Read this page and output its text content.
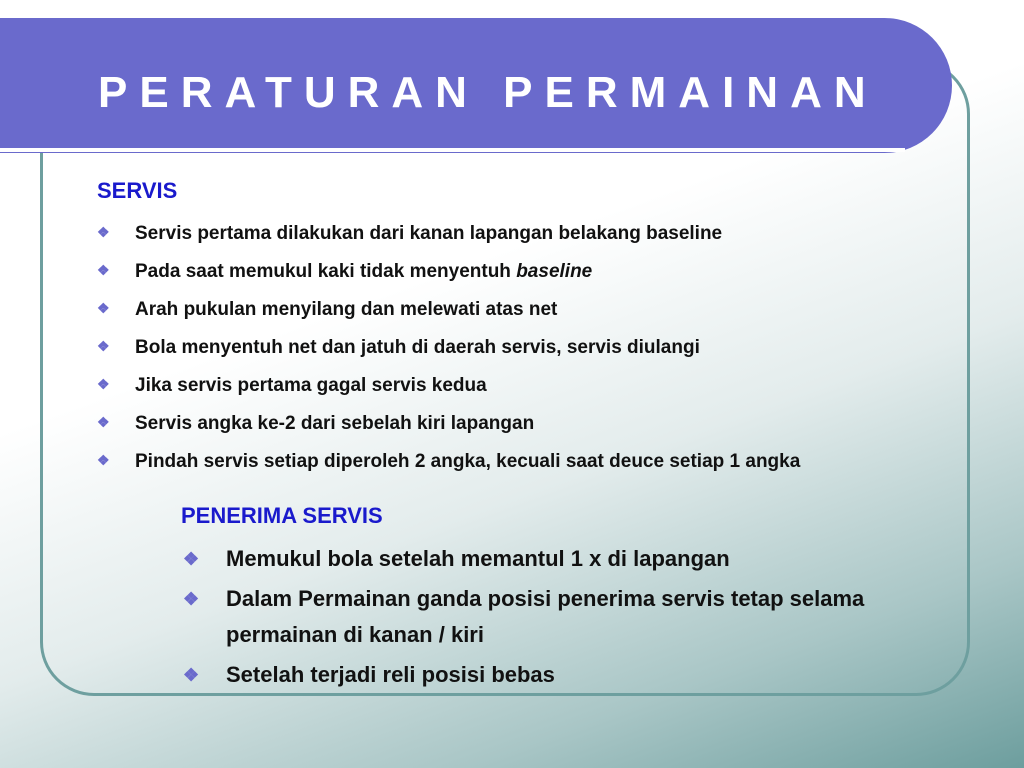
PERATURAN PERMAINAN
SERVIS
❖ Servis pertama dilakukan dari kanan lapangan belakang baseline
❖ Pada saat memukul kaki tidak menyentuh baseline
❖ Arah pukulan menyilang dan melewati atas net
❖ Bola menyentuh net dan jatuh di daerah servis, servis diulangi
❖ Jika servis pertama gagal servis kedua
❖ Servis angka ke-2 dari sebelah kiri lapangan
❖ Pindah servis setiap diperoleh 2 angka, kecuali saat deuce setiap 1 angka
PENERIMA SERVIS
❖ Memukul bola setelah memantul 1 x di lapangan
❖ Dalam Permainan ganda posisi penerima servis tetap selama permainan di kanan / kiri
❖ Setelah terjadi reli posisi bebas
